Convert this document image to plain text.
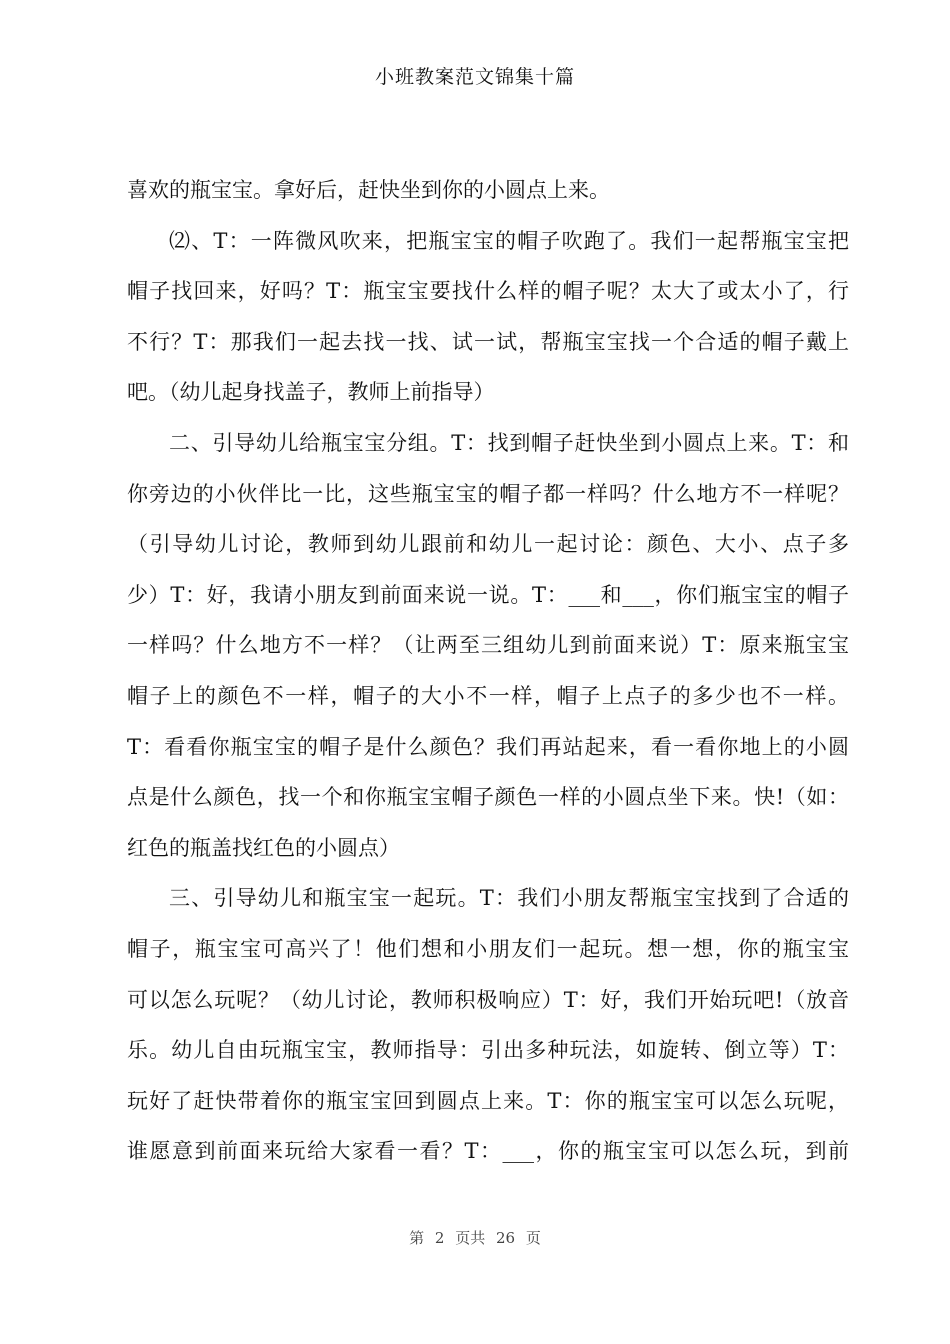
小班教案范文锦集十篇
喜欢的瓶宝宝。拿好后，赶快坐到你的小圆点上来。
⑵、T：一阵微风吹来，把瓶宝宝的帽子吹跑了。我们一起帮瓶宝宝把
帽子找回来，好吗？T：瓶宝宝要找什么样的帽子呢？太大了或太小了，行
不行？T：那我们一起去找一找、试一试，帮瓶宝宝找一个合适的帽子戴上
吧。（幼儿起身找盖子，教师上前指导）
二、引导幼儿给瓶宝宝分组。T：找到帽子赶快坐到小圆点上来。T：和
你旁边的小伙伴比一比，这些瓶宝宝的帽子都一样吗？什么地方不一样呢？
（引导幼儿讨论，教师到幼儿跟前和幼儿一起讨论：颜色、大小、点子多
少）T：好，我请小朋友到前面来说一说。T：___和___，你们瓶宝宝的帽子
一样吗？什么地方不一样？（让两至三组幼儿到前面来说）T：原来瓶宝宝
帽子上的颜色不一样，帽子的大小不一样，帽子上点子的多少也不一样。
T：看看你瓶宝宝的帽子是什么颜色？我们再站起来，看一看你地上的小圆
点是什么颜色，找一个和你瓶宝宝帽子颜色一样的小圆点坐下来。快!（如：
红色的瓶盖找红色的小圆点）
三、引导幼儿和瓶宝宝一起玩。T：我们小朋友帮瓶宝宝找到了合适的
帽子，瓶宝宝可高兴了！他们想和小朋友们一起玩。想一想，你的瓶宝宝
可以怎么玩呢？（幼儿讨论，教师积极响应）T：好，我们开始玩吧!（放音
乐。幼儿自由玩瓶宝宝，教师指导：引出多种玩法，如旋转、倒立等）T：
玩好了赶快带着你的瓶宝宝回到圆点上来。T：你的瓶宝宝可以怎么玩呢，
谁愿意到前面来玩给大家看一看？T：___，你的瓶宝宝可以怎么玩，到前
第 2 页共 26 页
